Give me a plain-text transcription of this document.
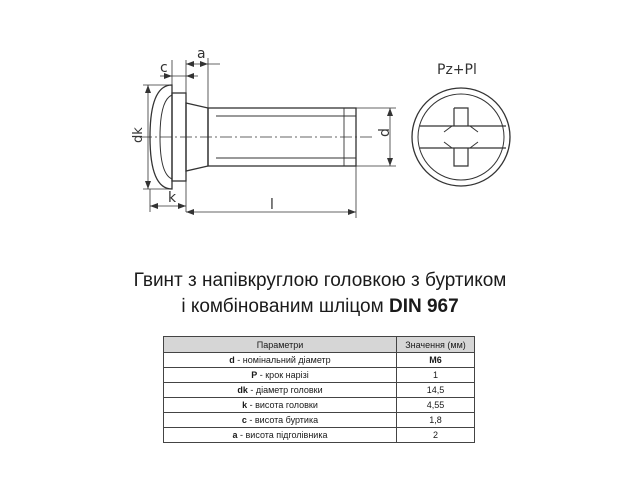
a
c
dk
k	l
d
Pz+Pl
Гвинт з напівкруглою головкою з буртиком
і комбінованим шліцом DIN 967
Параметри	Значення (мм)
d - номінальний діаметр	M6
P - крок нарізі	1
dk - діаметр головки	14,5
k - висота головки	4,55
c - висота буртика	1,8
a - висота підголівника	2
